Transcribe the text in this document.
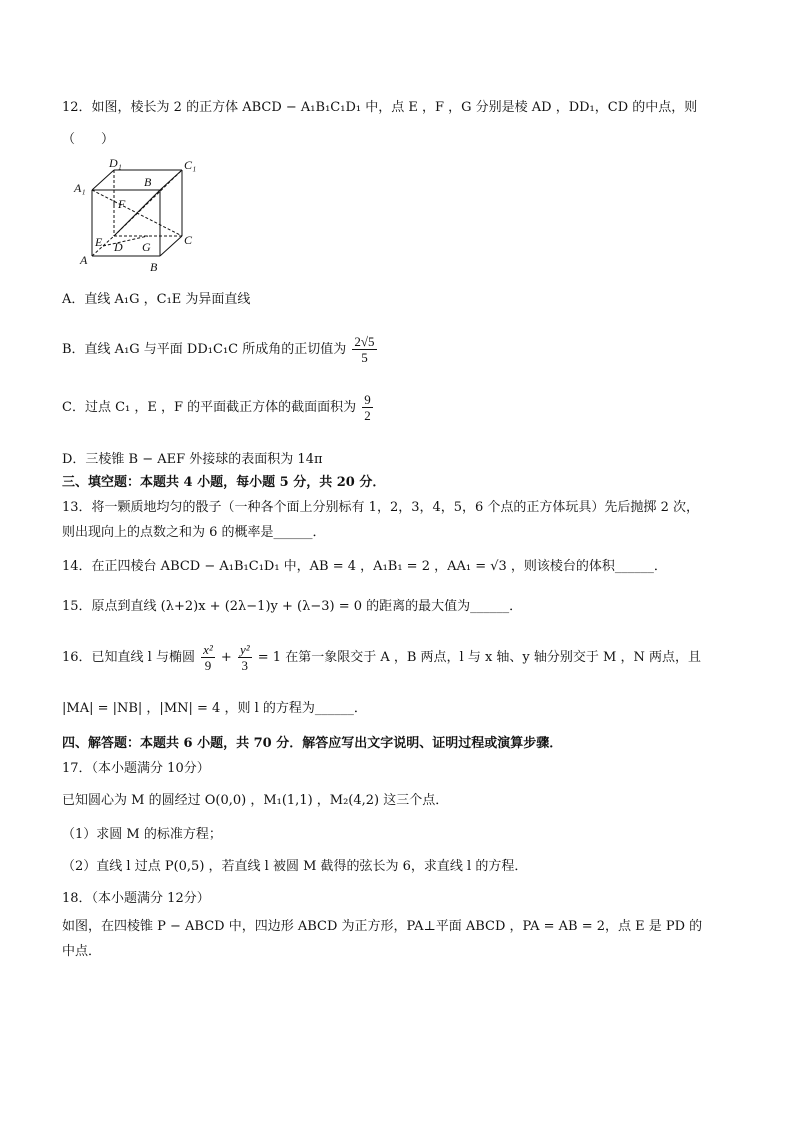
12．如图，棱长为 2 的正方体 ABCD − A₁B₁C₁D₁ 中，点 E ，F ，G 分别是棱 AD ，DD₁，CD 的中点，则
（　　）
D₁	C₁
A₁	B
F
E D G	C
A	B
A．直线 A₁G ，C₁E 为异面直线
B．直线 A₁G 与平面 DD₁C₁C 所成角的正切值为 $\frac{2√5}{5}$
C．过点 C₁ ，E ，F 的平面截正方体的截面面积为 $\frac{9}{2}$
D．三棱锥 B − AEF 外接球的表面积为 14π
三、填空题：本题共 4 小题，每小题 5 分，共 20 分．
13．将一颗质地均匀的骰子（一种各个面上分别标有 1，2，3，4，5，6 个点的正方体玩具）先后抛掷 2 次，
则出现向上的点数之和为 6 的概率是______．
14．在正四棱台 ABCD − A₁B₁C₁D₁ 中，AB = 4 ，A₁B₁ = 2 ，AA₁ = √3 ，则该棱台的体积______．
15．原点到直线 (λ+2)x + (2λ−1)y + (λ−3) = 0 的距离的最大值为______．
16．已知直线 l 与椭圆 $\frac{\text{x²}}{9} + \frac{\text{y²}}{3} = 1$ 在第一象限交于 A ，B 两点，l 与 x 轴、y 轴分别交于 M ，N 两点，且
|MA| = |NB| ，|MN| = 4 ，则 l 的方程为______．
四、解答题：本题共 6 小题，共 70 分．解答应写出文字说明、证明过程或演算步骤．
17．（本小题满分 10分）
已知圆心为 M 的圆经过 O(0,0) ，M₁(1,1) ，M₂(4,2) 这三个点．
（1）求圆 M 的标准方程；
（2）直线 l 过点 P(0,5) ，若直线 l 被圆 M 截得的弦长为 6，求直线 l 的方程．
18．（本小题满分 12分）
如图，在四棱锥 P − ABCD 中，四边形 ABCD 为正方形，PA⊥平面 ABCD ，PA = AB = 2，点 E 是 PD 的
中点．
